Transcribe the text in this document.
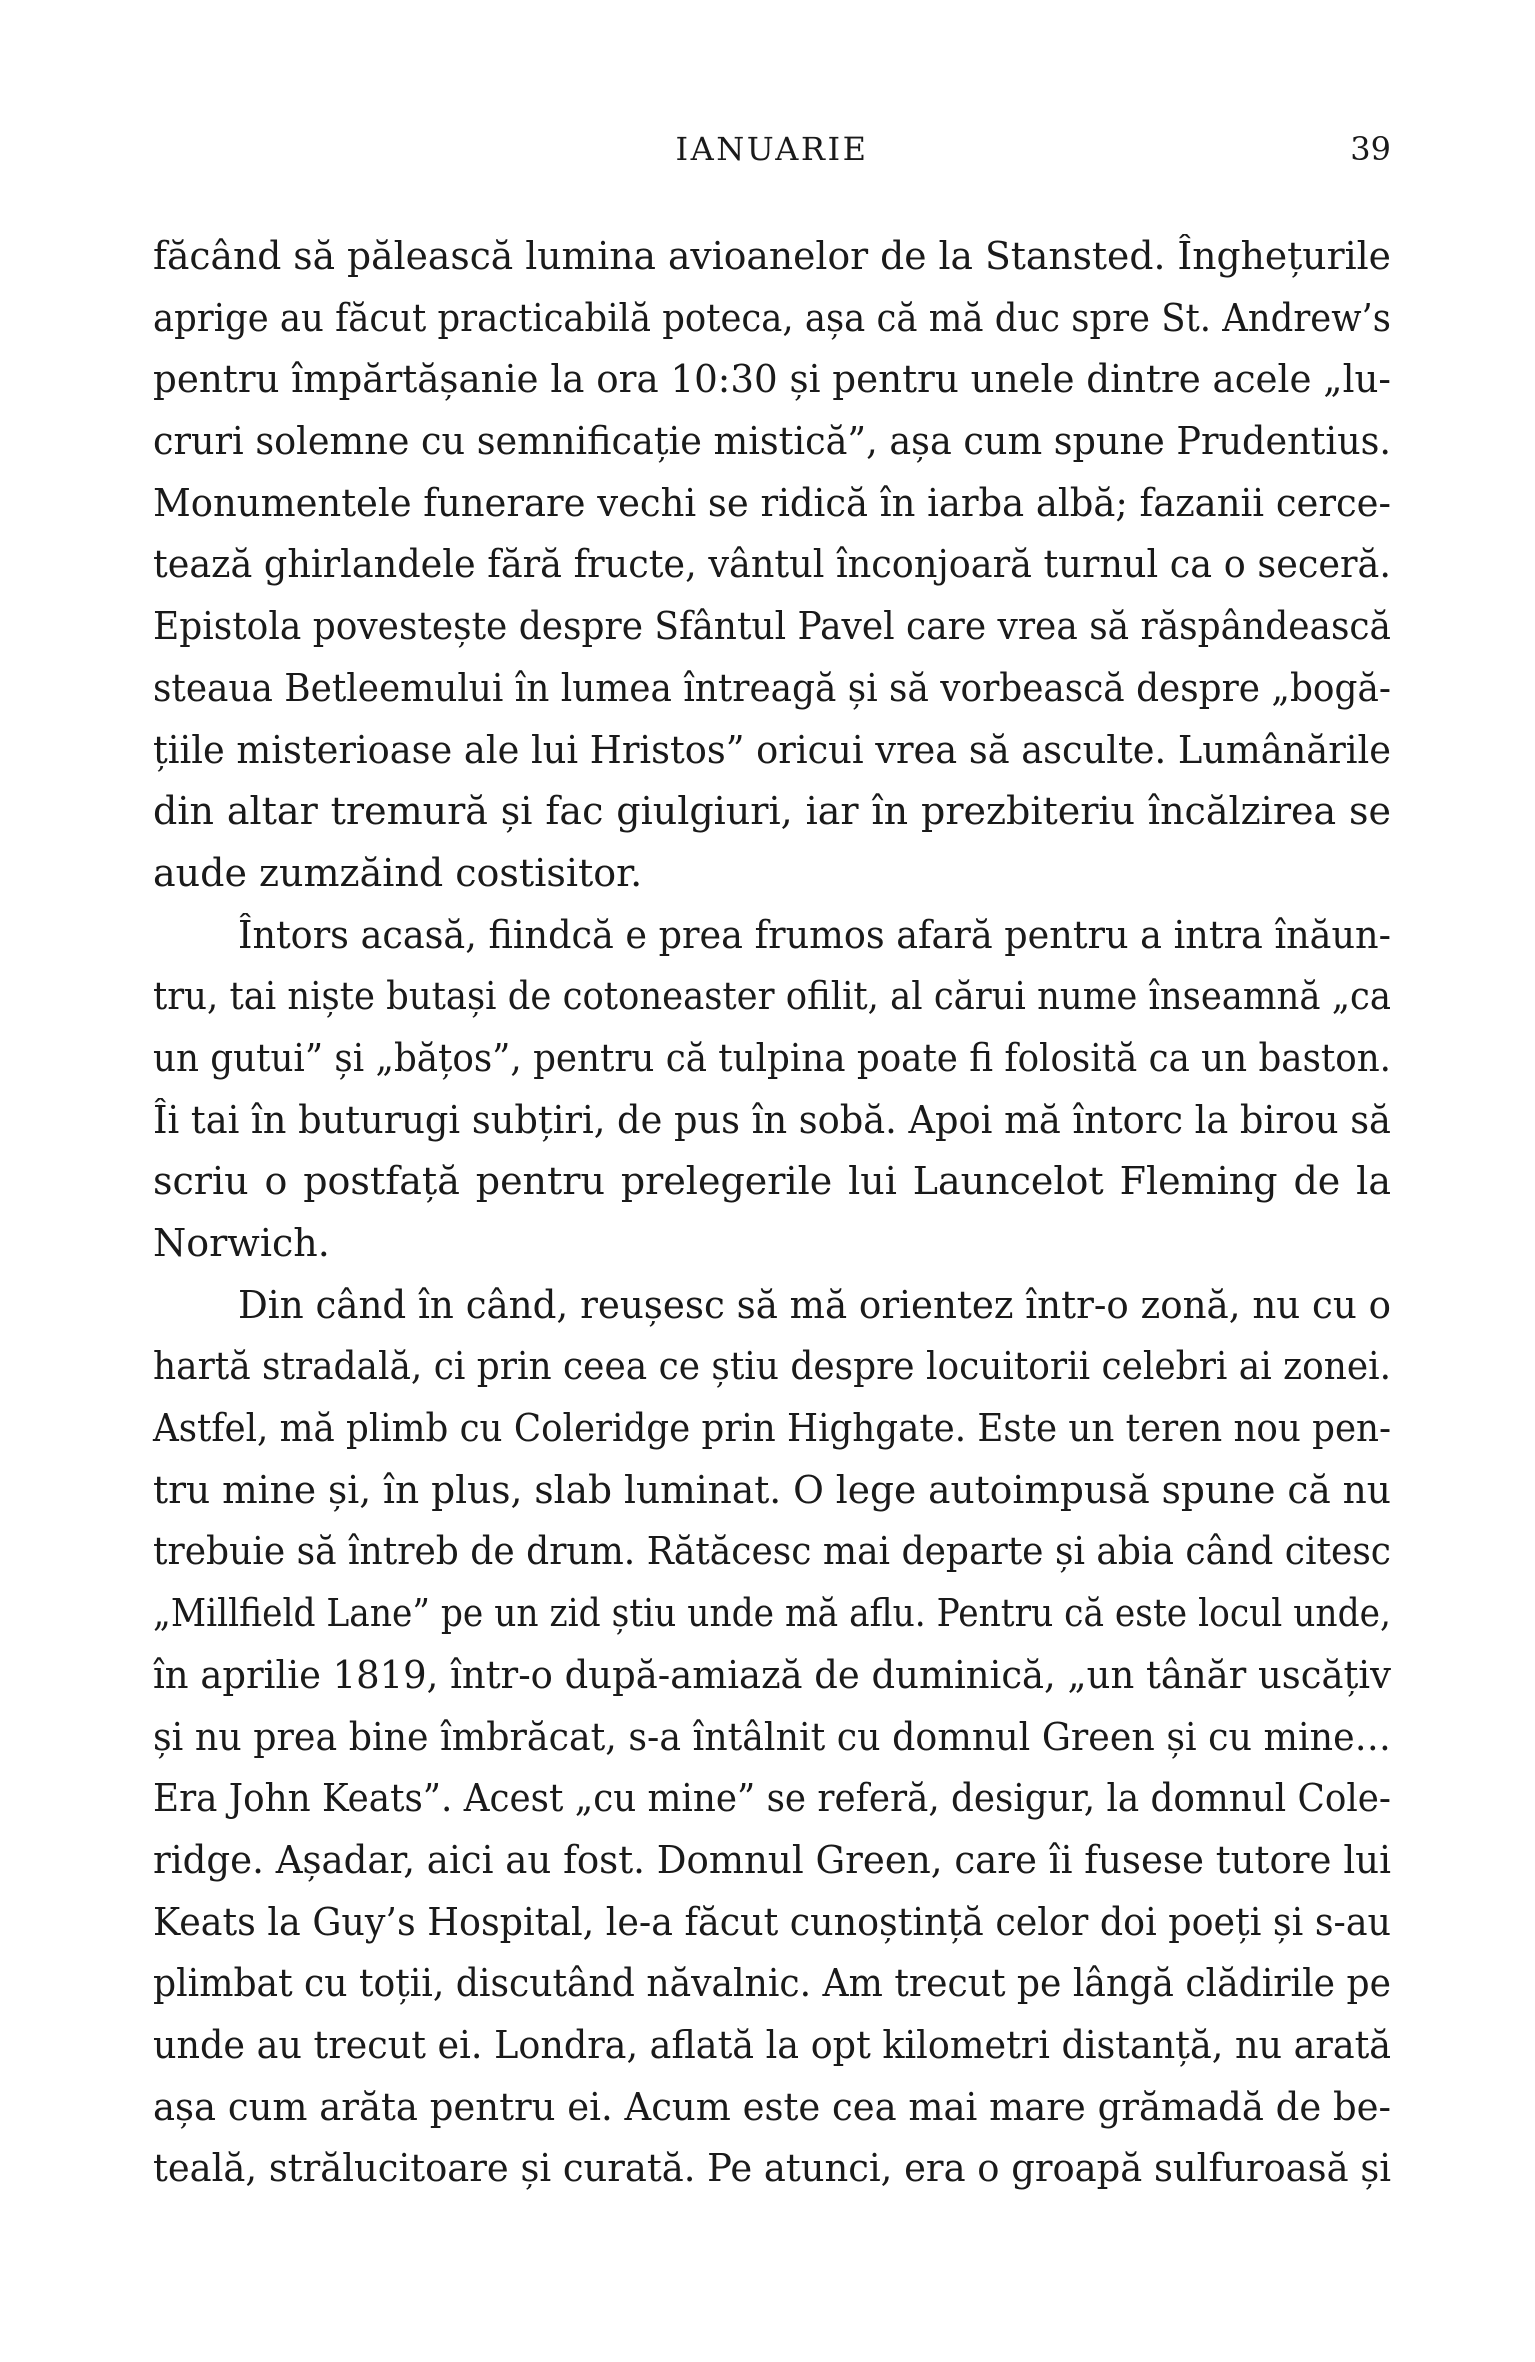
IANUARIE	39
făcând să pălească lumina avioanelor de la Stansted. Înghețurile
aprige au făcut practicabilă poteca, așa că mă duc spre St. Andrew’s
pentru împărtășanie la ora 10:30 și pentru unele dintre acele „lu-
cruri solemne cu semnificație mistică”, așa cum spune Prudentius.
Monumentele funerare vechi se ridică în iarba albă; fazanii cerce-
tează ghirlandele fără fructe, vântul înconjoară turnul ca o seceră.
Epistola povestește despre Sfântul Pavel care vrea să răspândească
steaua Betleemului în lumea întreagă și să vorbească despre „bogă-
țiile misterioase ale lui Hristos” oricui vrea să asculte. Lumânările
din altar tremură și fac giulgiuri, iar în prezbiteriu încălzirea se
aude zumzăind costisitor.
Întors acasă, fiindcă e prea frumos afară pentru a intra înăun-
tru, tai niște butași de cotoneaster ofilit, al cărui nume înseamnă „ca
un gutui” și „bățos”, pentru că tulpina poate fi folosită ca un baston.
Îi tai în buturugi subțiri, de pus în sobă. Apoi mă întorc la birou să
scriu o postfață pentru prelegerile lui Launcelot Fleming de la
Norwich.
Din când în când, reușesc să mă orientez într-o zonă, nu cu o
hartă stradală, ci prin ceea ce știu despre locuitorii celebri ai zonei.
Astfel, mă plimb cu Coleridge prin Highgate. Este un teren nou pen-
tru mine și, în plus, slab luminat. O lege autoimpusă spune că nu
trebuie să întreb de drum. Rătăcesc mai departe și abia când citesc
„Millfield Lane” pe un zid știu unde mă aflu. Pentru că este locul unde,
în aprilie 1819, într-o după-amiază de duminică, „un tânăr uscățiv
și nu prea bine îmbrăcat, s-a întâlnit cu domnul Green și cu mine…
Era John Keats”. Acest „cu mine” se referă, desigur, la domnul Cole-
ridge. Așadar, aici au fost. Domnul Green, care îi fusese tutore lui
Keats la Guy’s Hospital, le-a făcut cunoștință celor doi poeți și s-au
plimbat cu toții, discutând năvalnic. Am trecut pe lângă clădirile pe
unde au trecut ei. Londra, aflată la opt kilometri distanță, nu arată
așa cum arăta pentru ei. Acum este cea mai mare grămadă de be-
teală, strălucitoare și curată. Pe atunci, era o groapă sulfuroasă și
